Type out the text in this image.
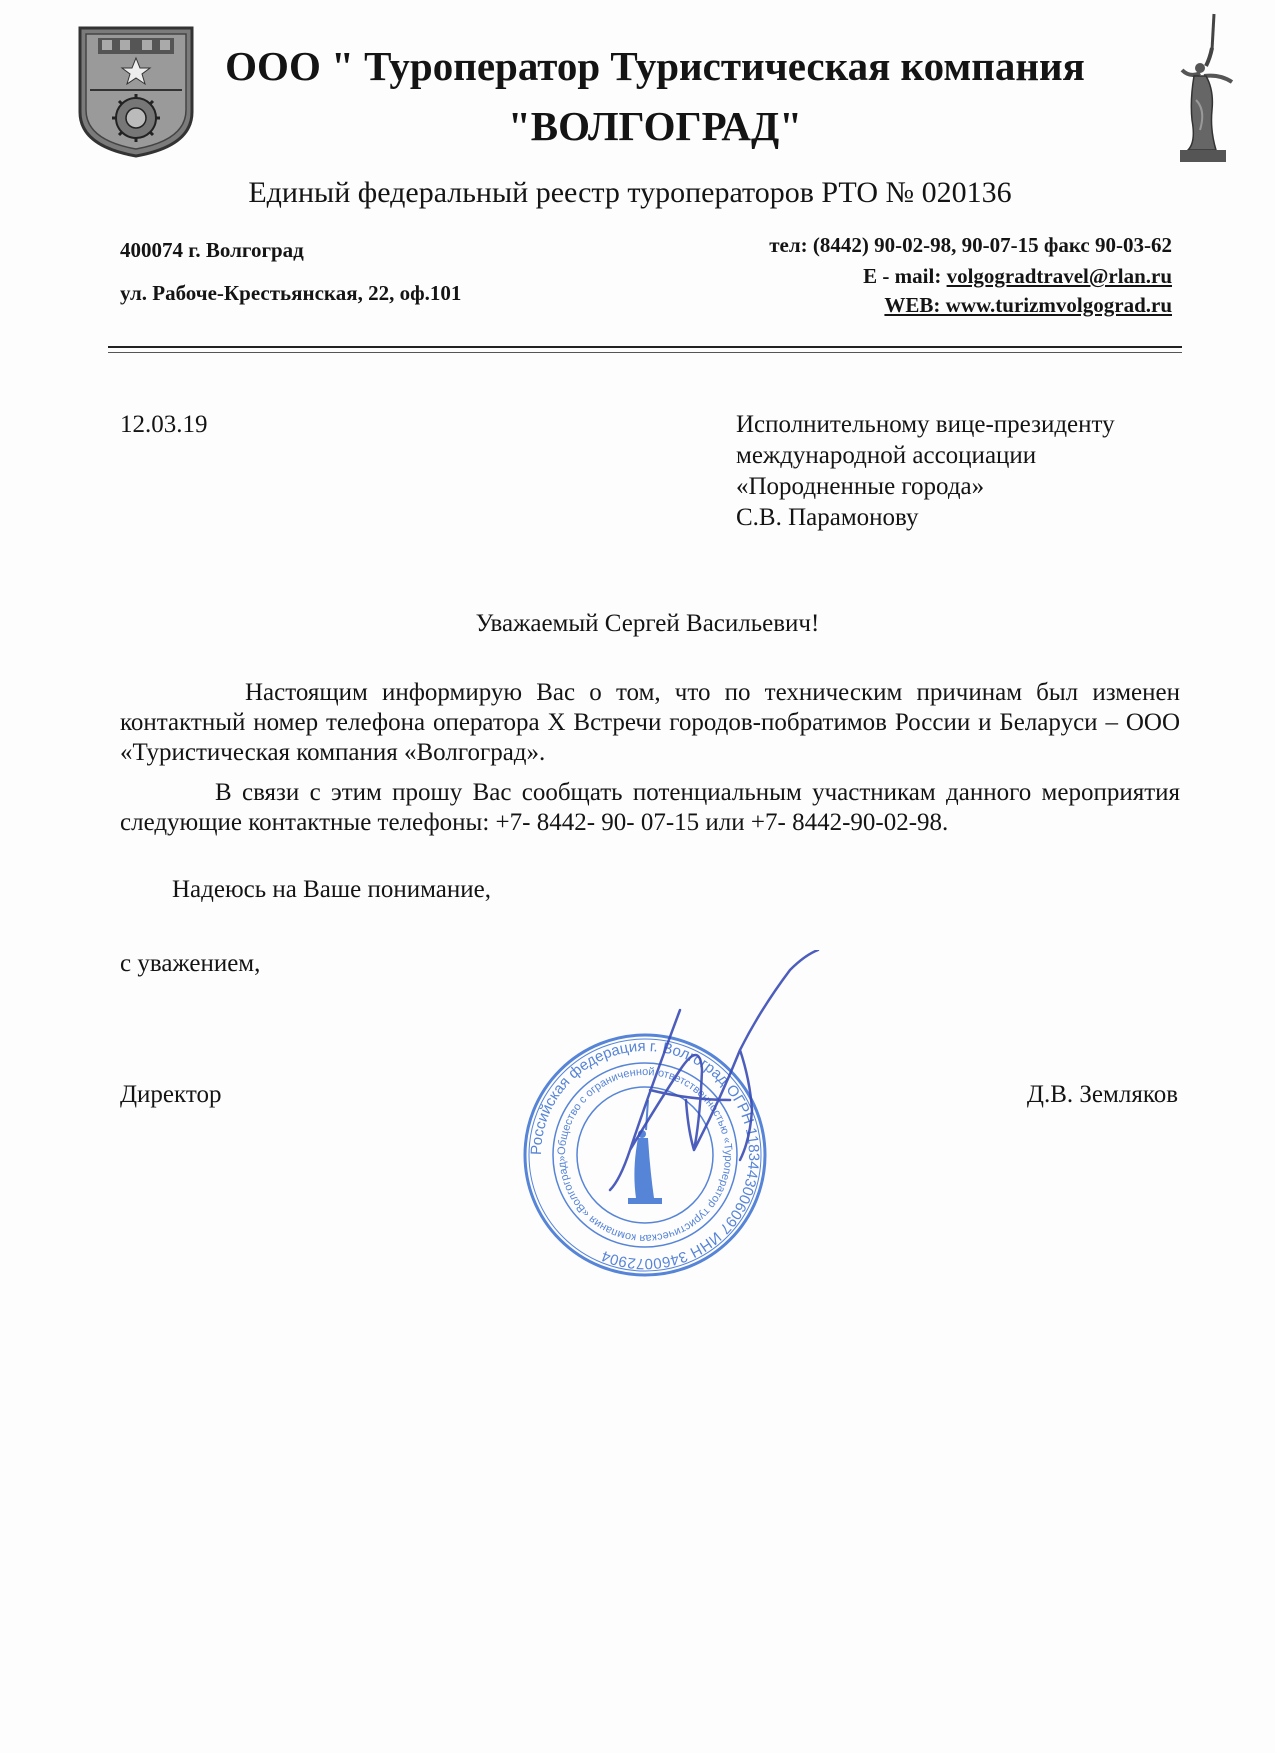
ООО " Туроператор Туристическая компания
"ВОЛГОГРАД"
Единый федеральный реестр туроператоров РТО № 020136
400074 г. Волгоград
ул. Рабоче-Крестьянская, 22, оф.101
тел: (8442) 90-02-98, 90-07-15 факс 90-03-62
E - mail: volgogradtravel@rlan.ru
WEB: www.turizmvolgograd.ru
12.03.19	Исполнительному вице-президенту
международной ассоциации
«Породненные города»
С.В. Парамонову
Уважаемый Сергей Васильевич!
Настоящим информирую Вас о том, что по техническим причинам был изменен контактный номер телефона оператора X Встречи городов-побратимов России и Беларуси – ООО «Туристическая компания «Волгоград».
В связи с этим прошу Вас сообщать потенциальным участникам данного мероприятия следующие контактные телефоны: +7- 8442- 90- 07-15 или +7- 8442-90-02-98.
Надеюсь на Ваше понимание,
с уважением,
Директор	Д.В. Земляков
Российская федерация г. Волгоград ОГРН 1183443006097 ИНН 3460072904
Общество с ограниченной ответственностью «Туроператор туристическая компания «Волгоград»
